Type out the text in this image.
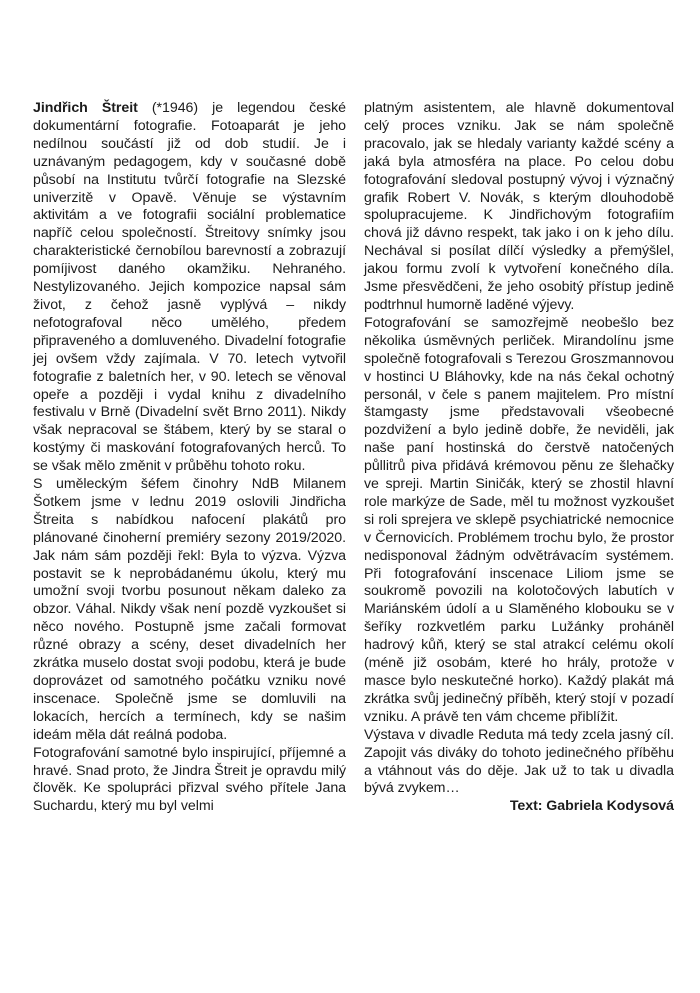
Jindřich Štreit (*1946) je legendou české dokumentární fotografie. Fotoaparát je jeho nedílnou součástí již od dob studií. Je i uznávaným pedagogem, kdy v současné době působí na Institutu tvůrčí fotografie na Slezské univerzitě v Opavě. Věnuje se výstavním aktivitám a ve fotografii sociální problematice napříč celou společností. Štreitovy snímky jsou charakteristické černobílou barevností a zobrazují pomíjivost daného okamžiku. Nehraného. Nestylizovaného. Jejich kompozice napsal sám život, z čehož jasně vyplývá – nikdy nefotografoval něco umělého, předem připraveného a domluveného. Divadelní fotografie jej ovšem vždy zajímala. V 70. letech vytvořil fotografie z baletních her, v 90. letech se věnoval opeře a později i vydal knihu z divadelního festivalu v Brně (Divadelní svět Brno 2011). Nikdy však nepracoval se štábem, který by se staral o kostýmy či maskování fotografovaných herců. To se však mělo změnit v průběhu tohoto roku.

S uměleckým šéfem činohry NdB Milanem Šotkem jsme v lednu 2019 oslovili Jindřicha Štreita s nabídkou nafocení plakátů pro plánované činoherní premiéry sezony 2019/2020. Jak nám sám později řekl: Byla to výzva. Výzva postavit se k neprobádanému úkolu, který mu umožní svoji tvorbu posunout někam daleko za obzor. Váhal. Nikdy však není pozdě vyzkoušet si něco nového. Postupně jsme začali formovat různé obrazy a scény, deset divadelních her zkrátka muselo dostat svoji podobu, která je bude doprovázet od samotného počátku vzniku nové inscenace. Společně jsme se domluvili na lokacích, hercích a termínech, kdy se našim ideám měla dát reálná podoba.

Fotografování samotné bylo inspirující, příjemné a hravé. Snad proto, že Jindra Štreit je opravdu milý člověk. Ke spolupráci přizval svého přítele Jana Suchardu, který mu byl velmi

platným asistentem, ale hlavně dokumentoval celý proces vzniku. Jak se nám společně pracovalo, jak se hledaly varianty každé scény a jaká byla atmosféra na place. Po celou dobu fotografování sledoval postupný vývoj i význačný grafik Robert V. Novák, s kterým dlouhodobě spolupracujeme. K Jindřichovým fotografiím chová již dávno respekt, tak jako i on k jeho dílu. Nechával si posílat dílčí výsledky a přemýšlel, jakou formu zvolí k vytvoření konečného díla. Jsme přesvědčeni, že jeho osobitý přístup jedině podtrhnul humorně laděné výjevy.

Fotografování se samozřejmě neobešlo bez několika úsměvných perliček. Mirandolínu jsme společně fotografovali s Terezou Groszmannovou v hostinci U Bláhovky, kde na nás čekal ochotný personál, v čele s panem majitelem. Pro místní štamgasty jsme představovali všeobecné pozdvižení a bylo jedině dobře, že neviděli, jak naše paní hostinská do čerstvě natočených půllitrů piva přidává krémovou pěnu ze šlehačky ve spreji. Martin Siničák, který se zhostil hlavní role markýze de Sade, měl tu možnost vyzkoušet si roli sprejera ve sklepě psychiatrické nemocnice v Černovicích. Problémem trochu bylo, že prostor nedisponoval žádným odvětrávacím systémem. Při fotografování inscenace Liliom jsme se soukromě povozili na kolotočových labutích v Mariánském údolí a u Slaměného klobouku se v šeříky rozkvetlém parku Lužánky proháněl hadrový kůň, který se stal atrakcí celému okolí (méně již osobám, které ho hrály, protože v masce bylo neskutečné horko). Každý plakát má zkrátka svůj jedinečný příběh, který stojí v pozadí vzniku. A právě ten vám chceme přiblížit.

Výstava v divadle Reduta má tedy zcela jasný cíl. Zapojit vás diváky do tohoto jedinečného příběhu a vtáhnout vás do děje. Jak už to tak u divadla bývá zvykem…

Text: Gabriela Kodysová
